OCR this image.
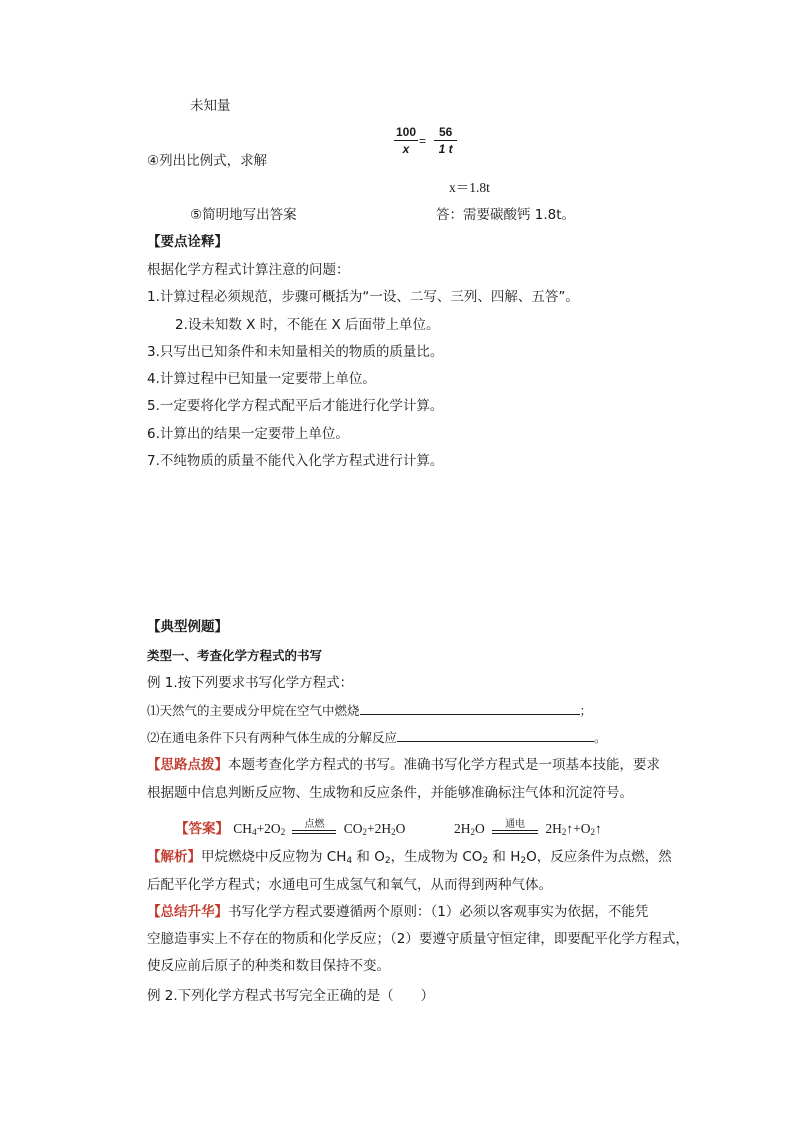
未知量
100
x
=
56
1 t
④列出比例式，求解
x＝1.8t
⑤简明地写出答案	答：需要碳酸钙 1.8t。
【要点诠释】
根据化学方程式计算注意的问题：
1.计算过程必须规范，步骤可概括为“一设、二写、三列、四解、五答”。
2.设未知数 X 时，不能在 X 后面带上单位。
3.只写出已知条件和未知量相关的物质的质量比。
4.计算过程中已知量一定要带上单位。
5.一定要将化学方程式配平后才能进行化学计算。
6.计算出的结果一定要带上单位。
7.不纯物质的质量不能代入化学方程式进行计算。
【典型例题】
类型一、考查化学方程式的书写
例 1.按下列要求书写化学方程式：
⑴天然气的主要成分甲烷在空气中燃烧	；
⑵在通电条件下只有两种气体生成的分解反应	。
【思路点拨】本题考查化学方程式的书写。准确书写化学方程式是一项基本技能，要求
根据题中信息判断反应物、生成物和反应条件，并能够准确标注气体和沉淀符号。
【答案】 $CH_4+2O_2$
点燃	$CO_2+2H_2O$	$2H_2O$	通电	$2H_2↑+O_2↑$
【解析】甲烷燃烧中反应物为 $CH_4$ 和 $O_2$，生成物为 $CO_2$ 和 $H_2O$，反应条件为点燃，然
后配平化学方程式；水通电可生成氢气和氧气，从而得到两种气体。
【总结升华】书写化学方程式要遵循两个原则：（1）必须以客观事实为依据，不能凭
空臆造事实上不存在的物质和化学反应；（2）要遵守质量守恒定律，即要配平化学方程式，
使反应前后原子的种类和数目保持不变。
例 2.下列化学方程式书写完全正确的是（　　）
